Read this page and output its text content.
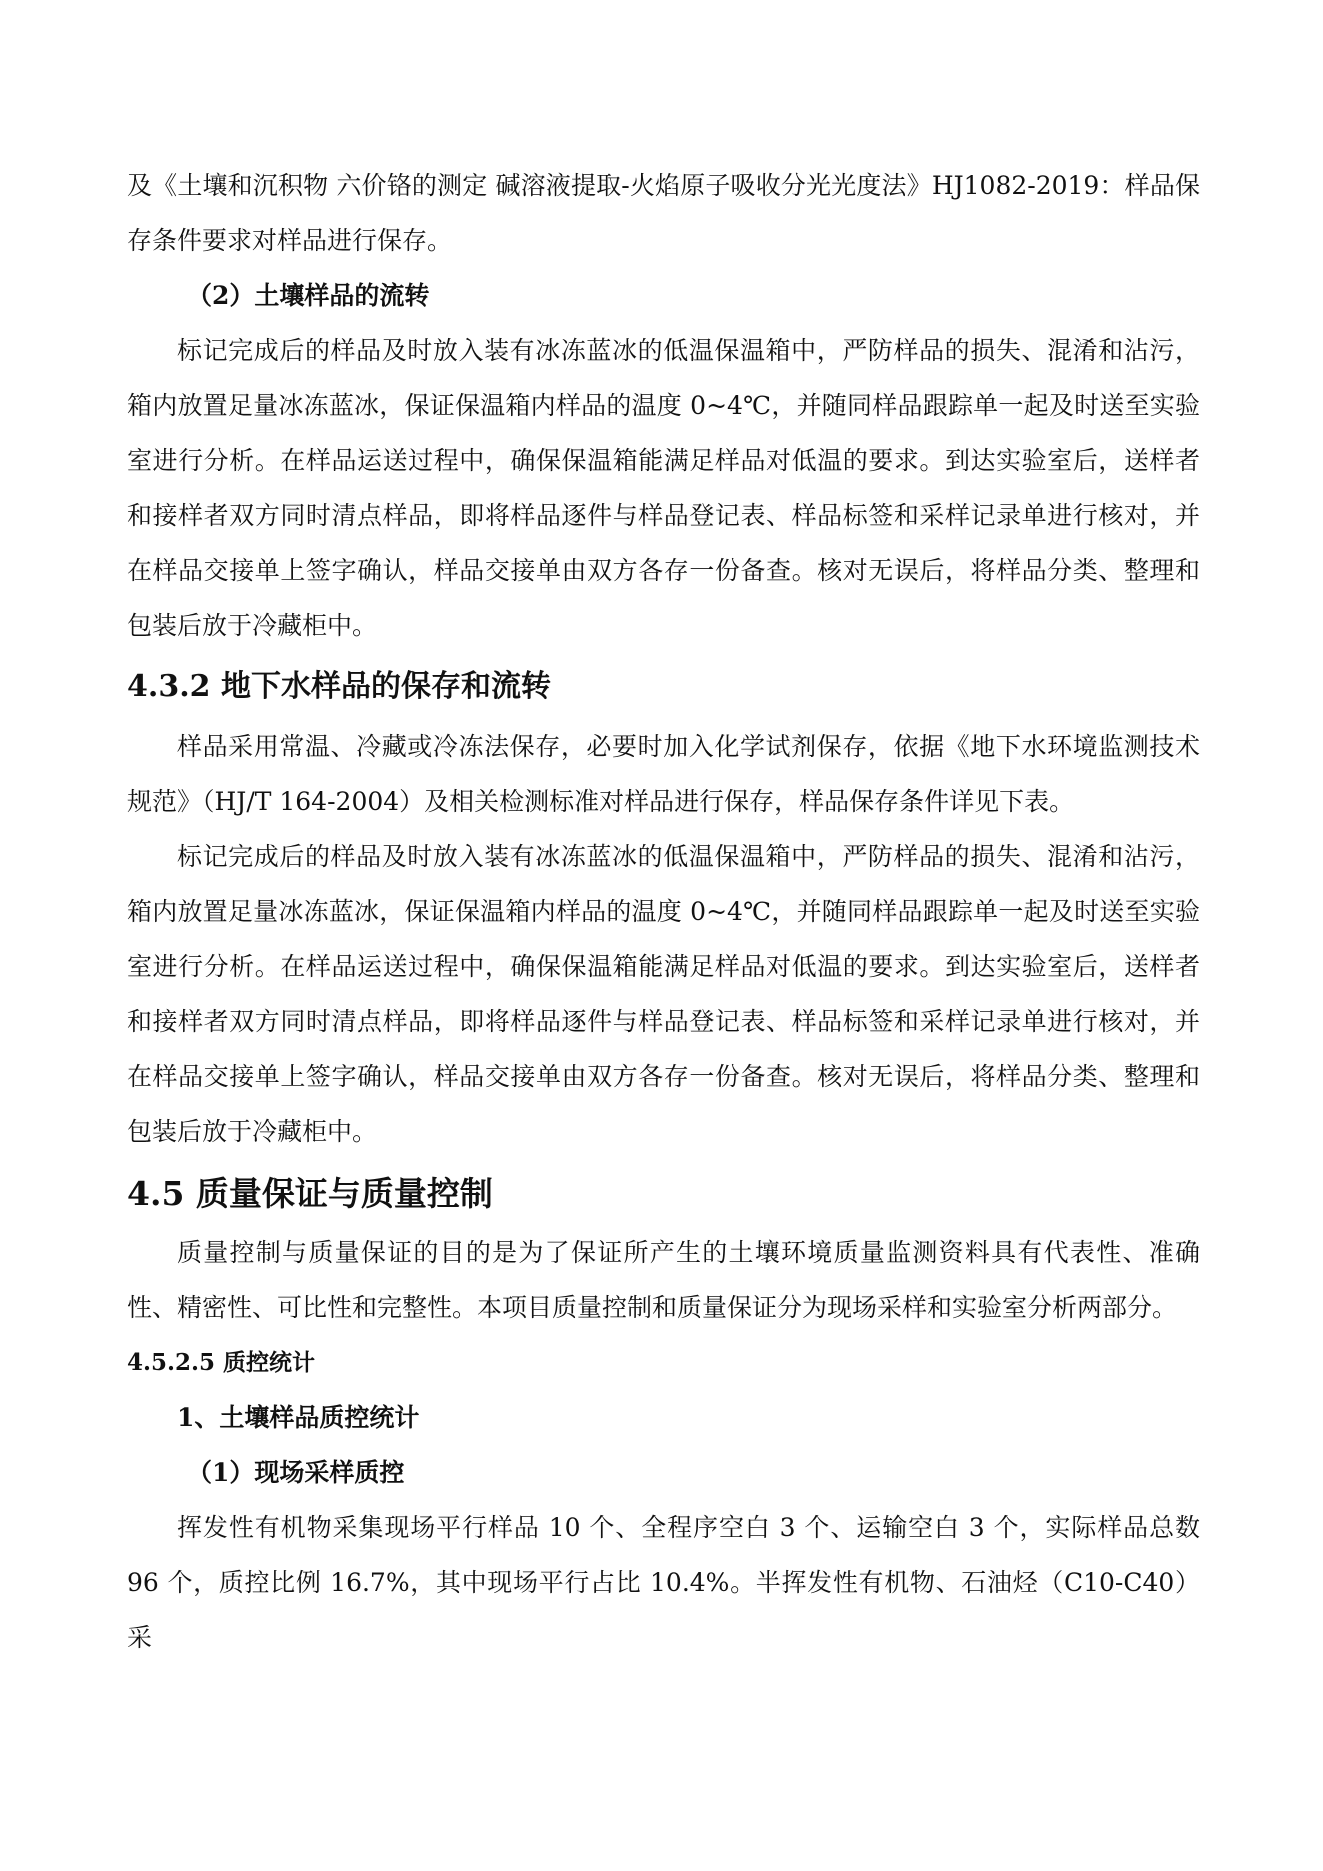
及《土壤和沉积物 六价铬的测定 碱溶液提取-火焰原子吸收分光光度法》HJ1082-2019：样品保存条件要求对样品进行保存。

（2）土壤样品的流转

标记完成后的样品及时放入装有冰冻蓝冰的低温保温箱中，严防样品的损失、混淆和沾污，箱内放置足量冰冻蓝冰，保证保温箱内样品的温度 0~4℃，并随同样品跟踪单一起及时送至实验室进行分析。在样品运送过程中，确保保温箱能满足样品对低温的要求。到达实验室后，送样者和接样者双方同时清点样品，即将样品逐件与样品登记表、样品标签和采样记录单进行核对，并在样品交接单上签字确认，样品交接单由双方各存一份备查。核对无误后，将样品分类、整理和包装后放于冷藏柜中。

4.3.2 地下水样品的保存和流转

样品采用常温、冷藏或冷冻法保存，必要时加入化学试剂保存，依据《地下水环境监测技术规范》（HJ/T 164-2004）及相关检测标准对样品进行保存，样品保存条件详见下表。

标记完成后的样品及时放入装有冰冻蓝冰的低温保温箱中，严防样品的损失、混淆和沾污，箱内放置足量冰冻蓝冰，保证保温箱内样品的温度 0~4℃，并随同样品跟踪单一起及时送至实验室进行分析。在样品运送过程中，确保保温箱能满足样品对低温的要求。到达实验室后，送样者和接样者双方同时清点样品，即将样品逐件与样品登记表、样品标签和采样记录单进行核对，并在样品交接单上签字确认，样品交接单由双方各存一份备查。核对无误后，将样品分类、整理和包装后放于冷藏柜中。

4.5 质量保证与质量控制

质量控制与质量保证的目的是为了保证所产生的土壤环境质量监测资料具有代表性、准确性、精密性、可比性和完整性。本项目质量控制和质量保证分为现场采样和实验室分析两部分。

4.5.2.5 质控统计

1、土壤样品质控统计

（1）现场采样质控

挥发性有机物采集现场平行样品 10 个、全程序空白 3 个、运输空白 3 个，实际样品总数 96 个，质控比例 16.7%，其中现场平行占比 10.4%。半挥发性有机物、石油烃（C10-C40）采
